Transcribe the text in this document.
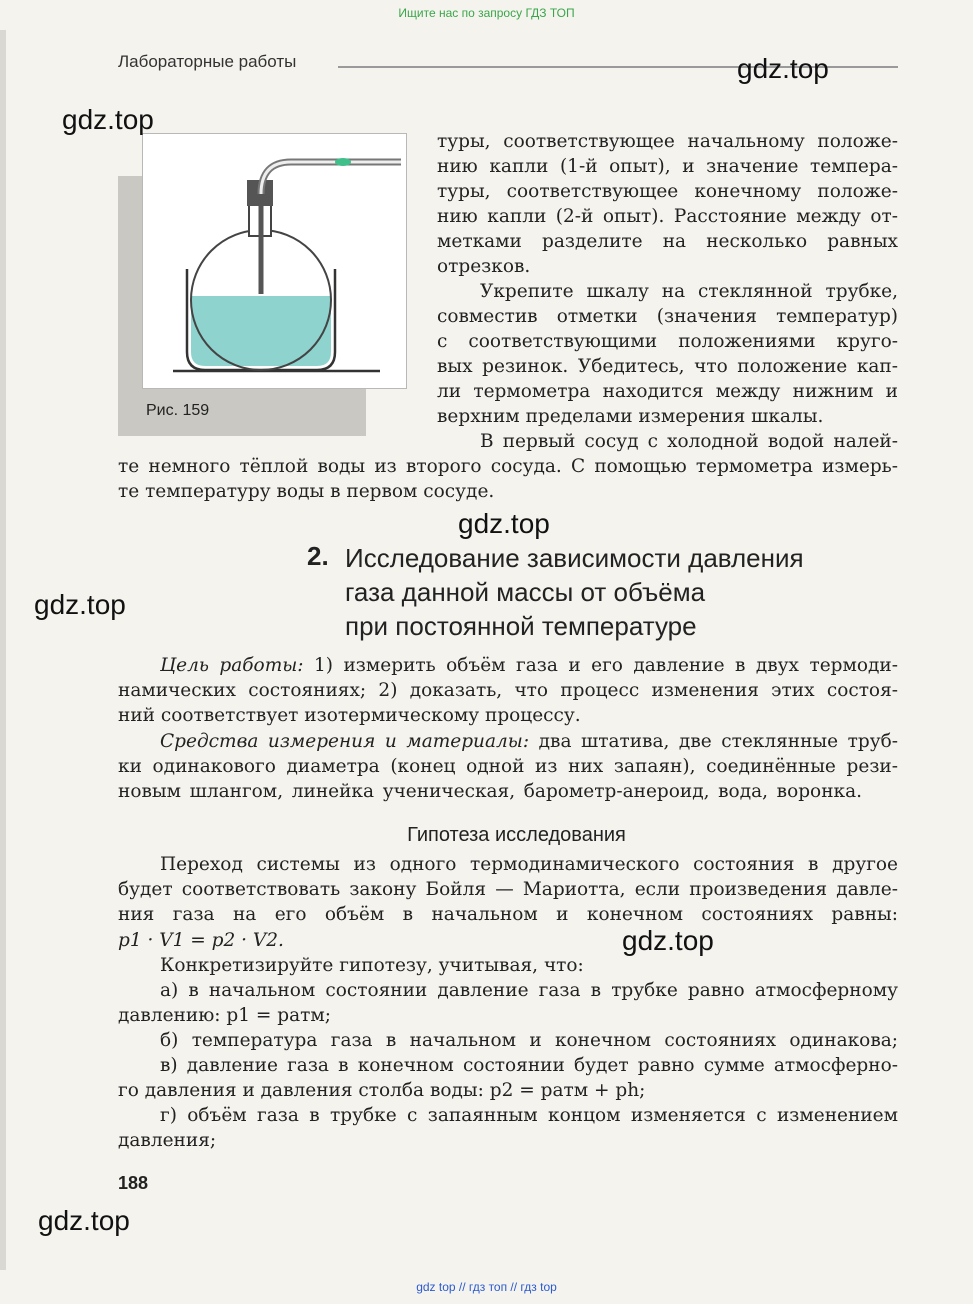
Ищите нас по запросу ГДЗ ТОП
Лабораторные работы
Рис. 159
туры, соответствующее начальному положе-
нию капли (1-й опыт), и значение темпера-
туры, соответствующее конечному положе-
нию капли (2-й опыт). Расстояние между от-
метками разделите на несколько равных
отрезков.
Укрепите шкалу на стеклянной трубке,
совместив отметки (значения температур)
с соответствующими положениями круго-
вых резинок. Убедитесь, что положение кап-
ли термометра находится между нижним и
верхним пределами измерения шкалы.
В первый сосуд с холодной водой налей-
те немного тёплой воды из второго сосуда. С помощью термометра измерь-
те температуру воды в первом сосуде.
2. Исследование зависимости давления
газа данной массы от объёма
при постоянной температуре
Цель работы: 1) измерить объём газа и его давление в двух термоди-
намических состояниях; 2) доказать, что процесс изменения этих состоя-
ний соответствует изотермическому процессу.
Средства измерения и материалы: два штатива, две стеклянные труб-
ки одинакового диаметра (конец одной из них запаян), соединённые рези-
новым шлангом, линейка ученическая, барометр-анероид, вода, воронка.
Гипотеза исследования
Переход системы из одного термодинамического состояния в другое
будет соответствовать закону Бойля — Мариотта, если произведения давле-
ния газа на его объём в начальном и конечном состояниях равны:
p1 · V1 = p2 · V2.
Конкретизируйте гипотезу, учитывая, что:
а) в начальном состоянии давление газа в трубке равно атмосферному
давлению: p1 = pатм;
б) температура газа в начальном и конечном состояниях одинакова;
в) давление газа в конечном состоянии будет равно сумме атмосферно-
го давления и давления столба воды: p2 = pатм + ph;
г) объём газа в трубке с запаянным концом изменяется с изменением
давления;
188
gdz.top
gdz.top
gdz.top
gdz.top
gdz.top
gdz.top
gdz top // гдз топ // гдз top
